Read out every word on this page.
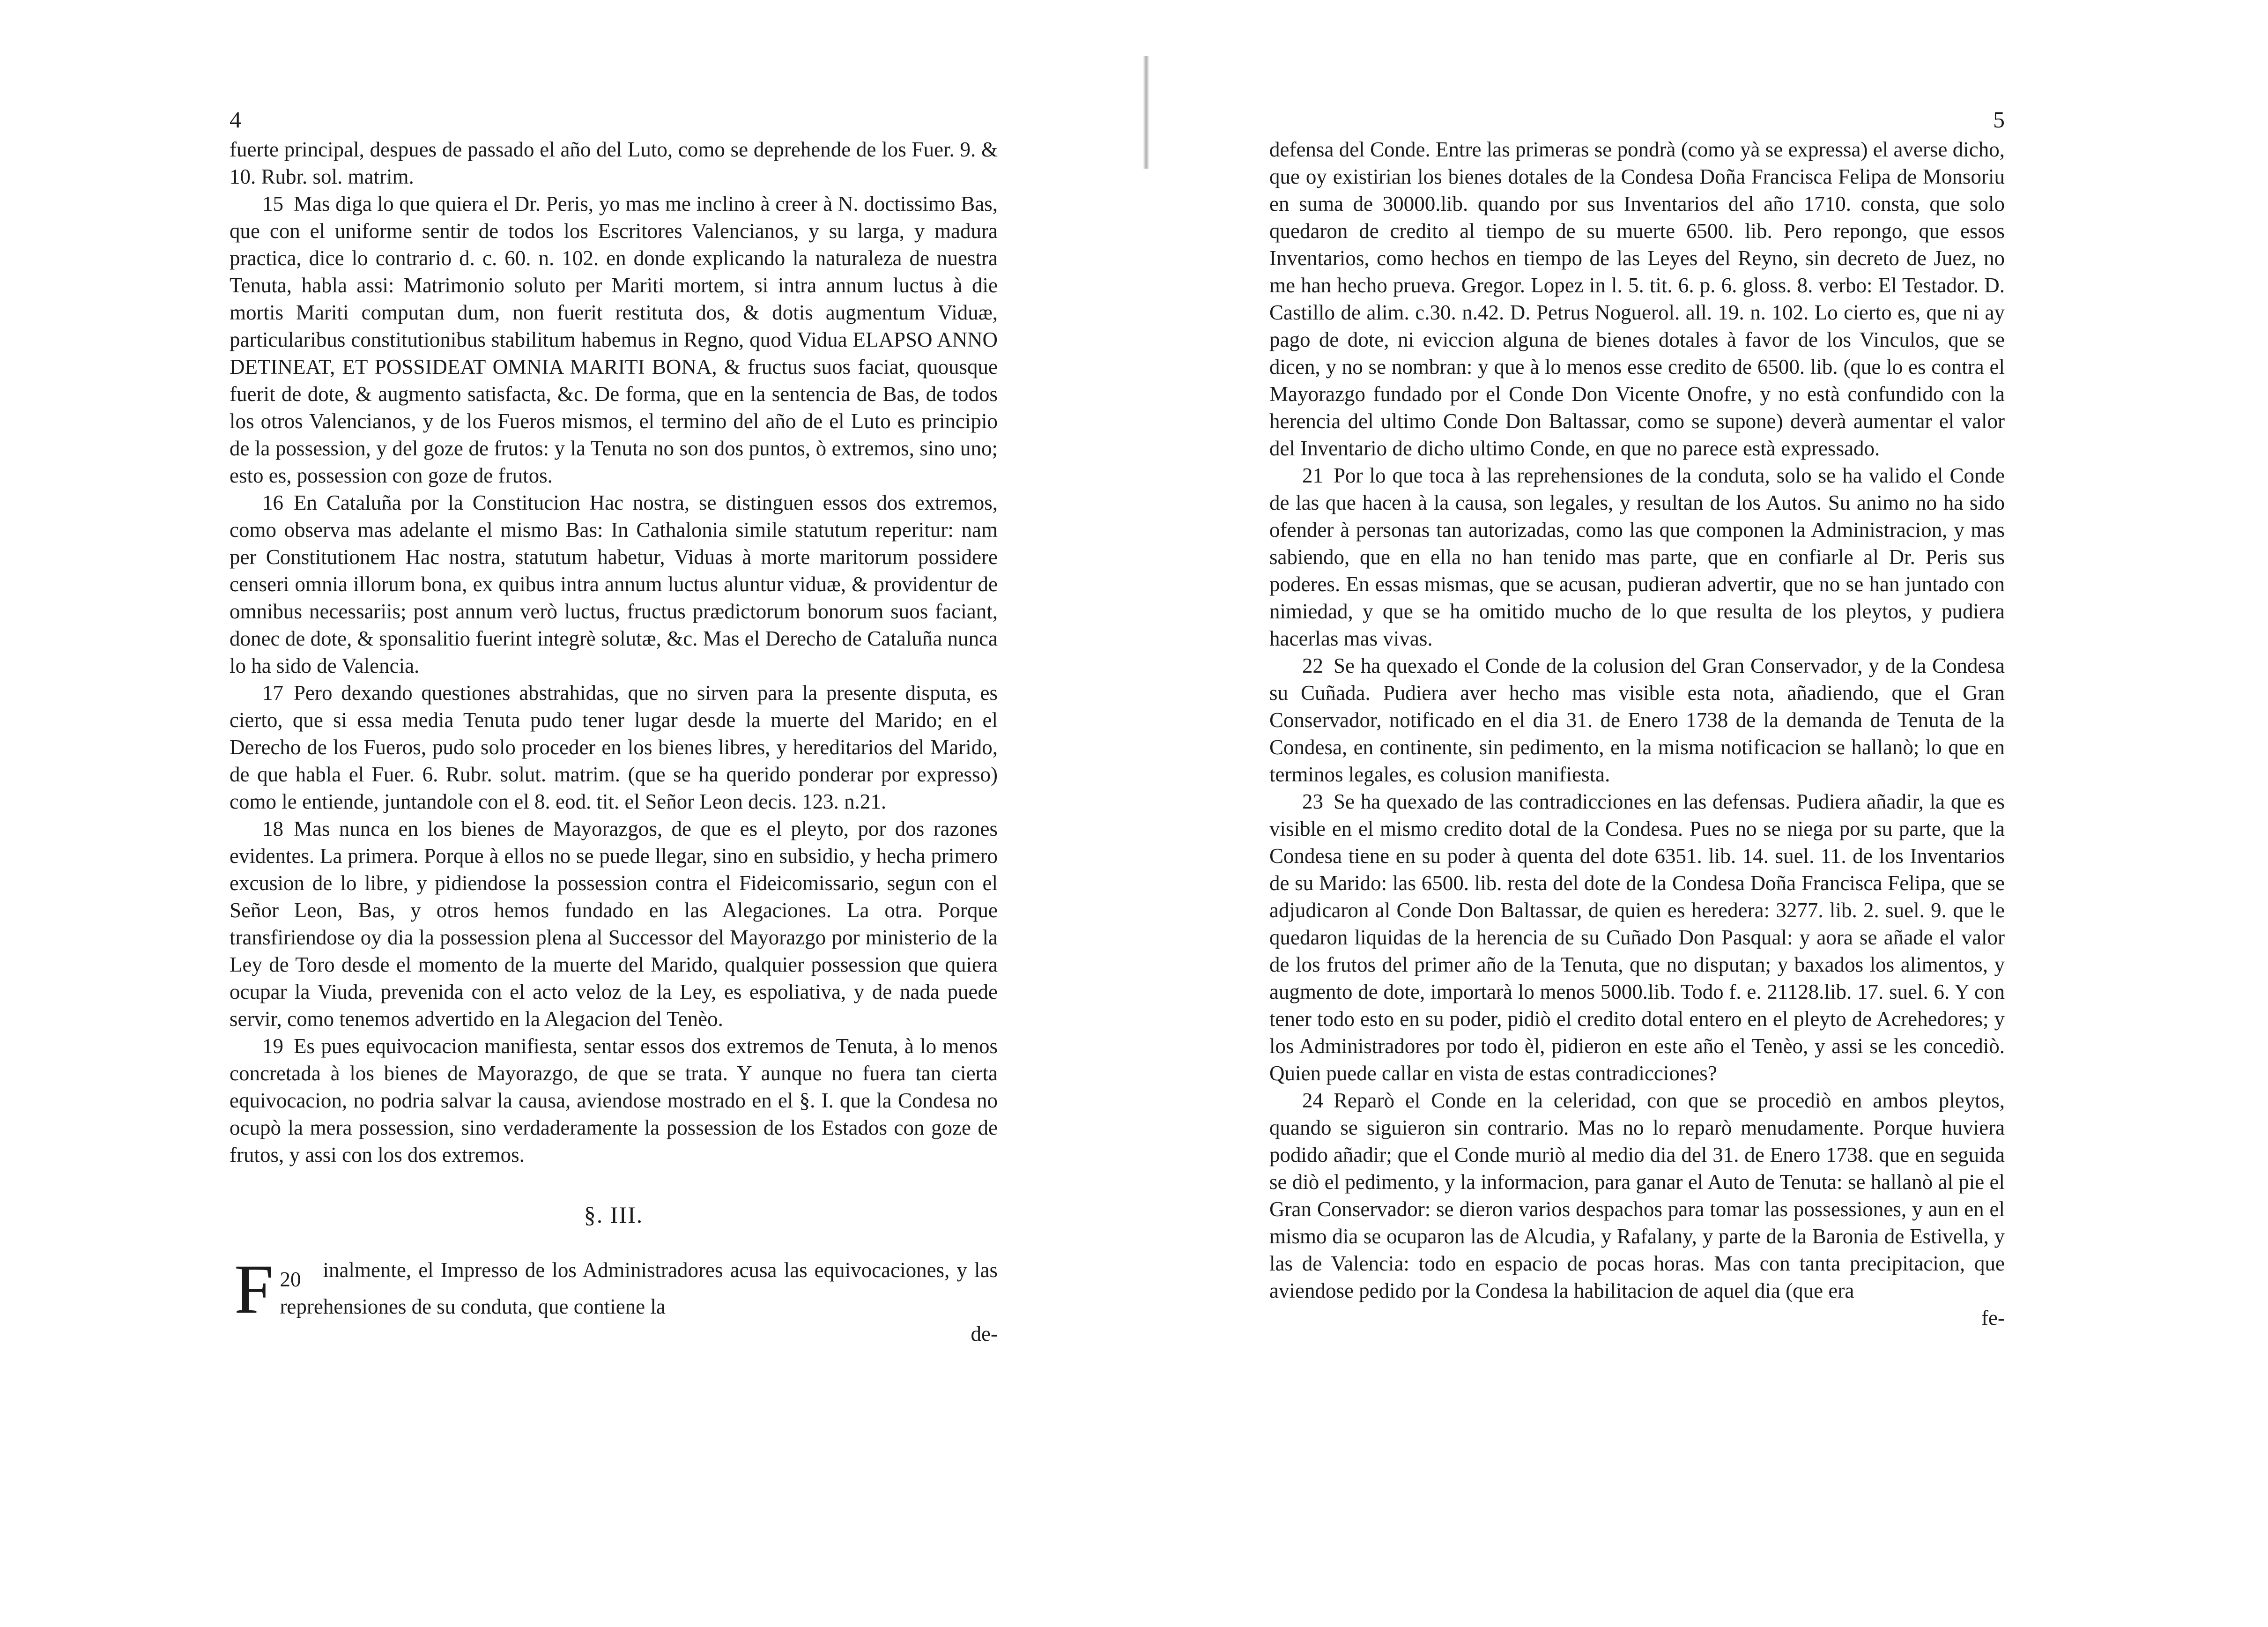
4

fuerte principal, despues de passado el año del Luto, como se deprehende de los Fuer. 9. & 10. Rubr. sol. matrim.

15 Mas diga lo que quiera el Dr. Peris, yo mas me inclino à creer à N. doctissimo Bas, que con el uniforme sentir de todos los Escritores Valencianos, y su larga, y madura practica, dice lo contrario d. c. 60. n. 102. en donde explicando la naturaleza de nuestra Tenuta, habla assi: Matrimonio soluto per Mariti mortem, si intra annum luctus à die mortis Mariti computan dum, non fuerit restituta dos, & dotis augmentum Viduæ, particularibus constitutionibus stabilitum habemus in Regno, quod Vidua ELAPSO ANNO DETINEAT, ET POSSIDEAT OMNIA MARITI BONA, & fructus suos faciat, quousque fuerit de dote, & augmento satisfacta, &c. De forma, que en la sentencia de Bas, de todos los otros Valencianos, y de los Fueros mismos, el termino del año de el Luto es principio de la possession, y del goze de frutos: y la Tenuta no son dos puntos, ò extremos, sino uno; esto es, possession con goze de frutos.

16 En Cataluña por la Constitucion Hac nostra, se distinguen essos dos extremos, como observa mas adelante el mismo Bas: In Cathalonia simile statutum reperitur: nam per Constitutionem Hac nostra, statutum habetur, Viduas à morte maritorum possidere censeri omnia illorum bona, ex quibus intra annum luctus aluntur viduæ, & providentur de omnibus necessariis; post annum verò luctus, fructus prædictorum bonorum suos faciant, donec de dote, & sponsalitio fuerint integrè solutæ, &c. Mas el Derecho de Cataluña nunca lo ha sido de Valencia.

17 Pero dexando questiones abstrahidas, que no sirven para la presente disputa, es cierto, que si essa media Tenuta pudo tener lugar desde la muerte del Marido; en el Derecho de los Fueros, pudo solo proceder en los bienes libres, y hereditarios del Marido, de que habla el Fuer. 6. Rubr. solut. matrim. (que se ha querido ponderar por expresso) como le entiende, juntandole con el 8. eod. tit. el Señor Leon decis. 123. n.21.

18 Mas nunca en los bienes de Mayorazgos, de que es el pleyto, por dos razones evidentes. La primera. Porque à ellos no se puede llegar, sino en subsidio, y hecha primero excusion de lo libre, y pidiendose la possession contra el Fideicomissario, segun con el Señor Leon, Bas, y otros hemos fundado en las Alegaciones. La otra. Porque transfiriendose oy dia la possession plena al Successor del Mayorazgo por ministerio de la Ley de Toro desde el momento de la muerte del Marido, qualquier possession que quiera ocupar la Viuda, prevenida con el acto veloz de la Ley, es espoliativa, y de nada puede servir, como tenemos advertido en la Alegacion del Tenèo.

19 Es pues equivocacion manifiesta, sentar essos dos extremos de Tenuta, à lo menos concretada à los bienes de Mayorazgo, de que se trata. Y aunque no fuera tan cierta equivocacion, no podria salvar la causa, aviendose mostrado en el §. I. que la Condesa no ocupò la mera possession, sino verdaderamente la possession de los Estados con goze de frutos, y assi con los dos extremos.

§. III.

20
F inalmente, el Impresso de los Administradores acusa las equivocaciones, y las reprehensiones de su conduta, que contiene la

de-
5

defensa del Conde. Entre las primeras se pondrà (como yà se expressa) el averse dicho, que oy existirian los bienes dotales de la Condesa Doña Francisca Felipa de Monsoriu en suma de 30000.lib. quando por sus Inventarios del año 1710. consta, que solo quedaron de credito al tiempo de su muerte 6500. lib. Pero repongo, que essos Inventarios, como hechos en tiempo de las Leyes del Reyno, sin decreto de Juez, no me han hecho prueva. Gregor. Lopez in l. 5. tit. 6. p. 6. gloss. 8. verbo: El Testador. D. Castillo de alim. c.30. n.42. D. Petrus Noguerol. all. 19. n. 102. Lo cierto es, que ni ay pago de dote, ni eviccion alguna de bienes dotales à favor de los Vinculos, que se dicen, y no se nombran: y que à lo menos esse credito de 6500. lib. (que lo es contra el Mayorazgo fundado por el Conde Don Vicente Onofre, y no està confundido con la herencia del ultimo Conde Don Baltassar, como se supone) deverà aumentar el valor del Inventario de dicho ultimo Conde, en que no parece està expressado.

21 Por lo que toca à las reprehensiones de la conduta, solo se ha valido el Conde de las que hacen à la causa, son legales, y resultan de los Autos. Su animo no ha sido ofender à personas tan autorizadas, como las que componen la Administracion, y mas sabiendo, que en ella no han tenido mas parte, que en confiarle al Dr. Peris sus poderes. En essas mismas, que se acusan, pudieran advertir, que no se han juntado con nimiedad, y que se ha omitido mucho de lo que resulta de los pleytos, y pudiera hacerlas mas vivas.

22 Se ha quexado el Conde de la colusion del Gran Conservador, y de la Condesa su Cuñada. Pudiera aver hecho mas visible esta nota, añadiendo, que el Gran Conservador, notificado en el dia 31. de Enero 1738 de la demanda de Tenuta de la Condesa, en continente, sin pedimento, en la misma notificacion se hallanò; lo que en terminos legales, es colusion manifiesta.

23 Se ha quexado de las contradicciones en las defensas. Pudiera añadir, la que es visible en el mismo credito dotal de la Condesa. Pues no se niega por su parte, que la Condesa tiene en su poder à quenta del dote 6351. lib. 14. suel. 11. de los Inventarios de su Marido: las 6500. lib. resta del dote de la Condesa Doña Francisca Felipa, que se adjudicaron al Conde Don Baltassar, de quien es heredera: 3277. lib. 2. suel. 9. que le quedaron liquidas de la herencia de su Cuñado Don Pasqual: y aora se añade el valor de los frutos del primer año de la Tenuta, que no disputan; y baxados los alimentos, y augmento de dote, importarà lo menos 5000.lib. Todo f. e. 21128.lib. 17. suel. 6. Y con tener todo esto en su poder, pidiò el credito dotal entero en el pleyto de Acrehedores; y los Administradores por todo èl, pidieron en este año el Tenèo, y assi se les concediò. Quien puede callar en vista de estas contradicciones?

24 Reparò el Conde en la celeridad, con que se procediò en ambos pleytos, quando se siguieron sin contrario. Mas no lo reparò menudamente. Porque huviera podido añadir; que el Conde muriò al medio dia del 31. de Enero 1738. que en seguida se diò el pedimento, y la informacion, para ganar el Auto de Tenuta: se hallanò al pie el Gran Conservador: se dieron varios despachos para tomar las possessiones, y aun en el mismo dia se ocuparon las de Alcudia, y Rafalany, y parte de la Baronia de Estivella, y las de Valencia: todo en espacio de pocas horas. Mas con tanta precipitacion, que aviendose pedido por la Condesa la habilitacion de aquel dia (que era

fe-
